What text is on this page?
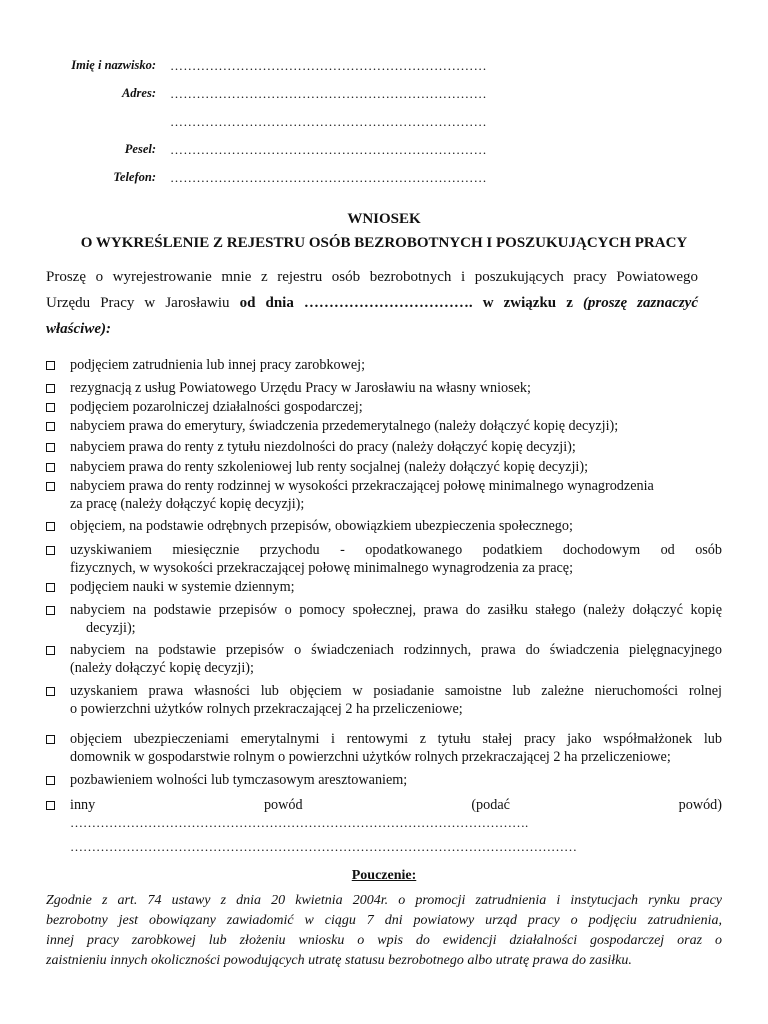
Imię i nazwisko: ………………………………………………………………
Adres: ………………………………………………………………
………………………………………………………………
Pesel: ………………………………………………………………
Telefon: ………………………………………………………………
WNIOSEK
O WYKREŚLENIE Z REJESTRU OSÓB BEZROBOTNYCH I POSZUKUJĄCYCH PRACY
Proszę o wyrejestrowanie mnie z rejestru osób bezrobotnych i poszukujących pracy Powiatowego
Urzędu Pracy w Jarosławiu od dnia ……………………………. w związku z (proszę zaznaczyć
właściwe):
podjęciem zatrudnienia lub innej pracy zarobkowej;
rezygnacją z usług Powiatowego Urzędu Pracy w Jarosławiu na własny wniosek;
podjęciem pozarolniczej działalności gospodarczej;
nabyciem prawa do emerytury, świadczenia przedemerytalnego (należy dołączyć kopię decyzji);
nabyciem prawa do renty z tytułu niezdolności do pracy (należy dołączyć kopię decyzji);
nabyciem prawa do renty szkoleniowej lub renty socjalnej (należy dołączyć kopię decyzji);
nabyciem prawa do renty rodzinnej w wysokości przekraczającej połowę minimalnego wynagrodzenia
za pracę (należy dołączyć kopię decyzji);
objęciem, na podstawie odrębnych przepisów, obowiązkiem ubezpieczenia społecznego;
uzyskiwaniem miesięcznie przychodu - opodatkowanego podatkiem dochodowym od osób
fizycznych, w wysokości przekraczającej połowę minimalnego wynagrodzenia za pracę;
podjęciem nauki w systemie dziennym;
nabyciem na podstawie przepisów o pomocy społecznej, prawa do zasiłku stałego (należy dołączyć kopię
decyzji);
nabyciem na podstawie przepisów o świadczeniach rodzinnych, prawa do świadczenia pielęgnacyjnego
(należy dołączyć kopię decyzji);
uzyskaniem prawa własności lub objęciem w posiadanie samoistne lub zależne nieruchomości rolnej
o powierzchni użytków rolnych przekraczającej 2 ha przeliczeniowe;
objęciem ubezpieczeniami emerytalnymi i rentowymi z tytułu stałej pracy jako współmałżonek lub
domownik w gospodarstwie rolnym o powierzchni użytków rolnych przekraczającej 2 ha przeliczeniowe;
pozbawieniem wolności lub tymczasowym aresztowaniem;
inny powód (podać powód)
…………………………………………………………………………………………….
………………………………………………………………………………………………………
Pouczenie:
Zgodnie z art. 74 ustawy z dnia 20 kwietnia 2004r. o promocji zatrudnienia i instytucjach rynku pracy
bezrobotny jest obowiązany zawiadomić w ciągu 7 dni powiatowy urząd pracy o podjęciu zatrudnienia,
innej pracy zarobkowej lub złożeniu wniosku o wpis do ewidencji działalności gospodarczej oraz o
zaistnieniu innych okoliczności powodujących utratę statusu bezrobotnego albo utratę prawa do zasiłku.
